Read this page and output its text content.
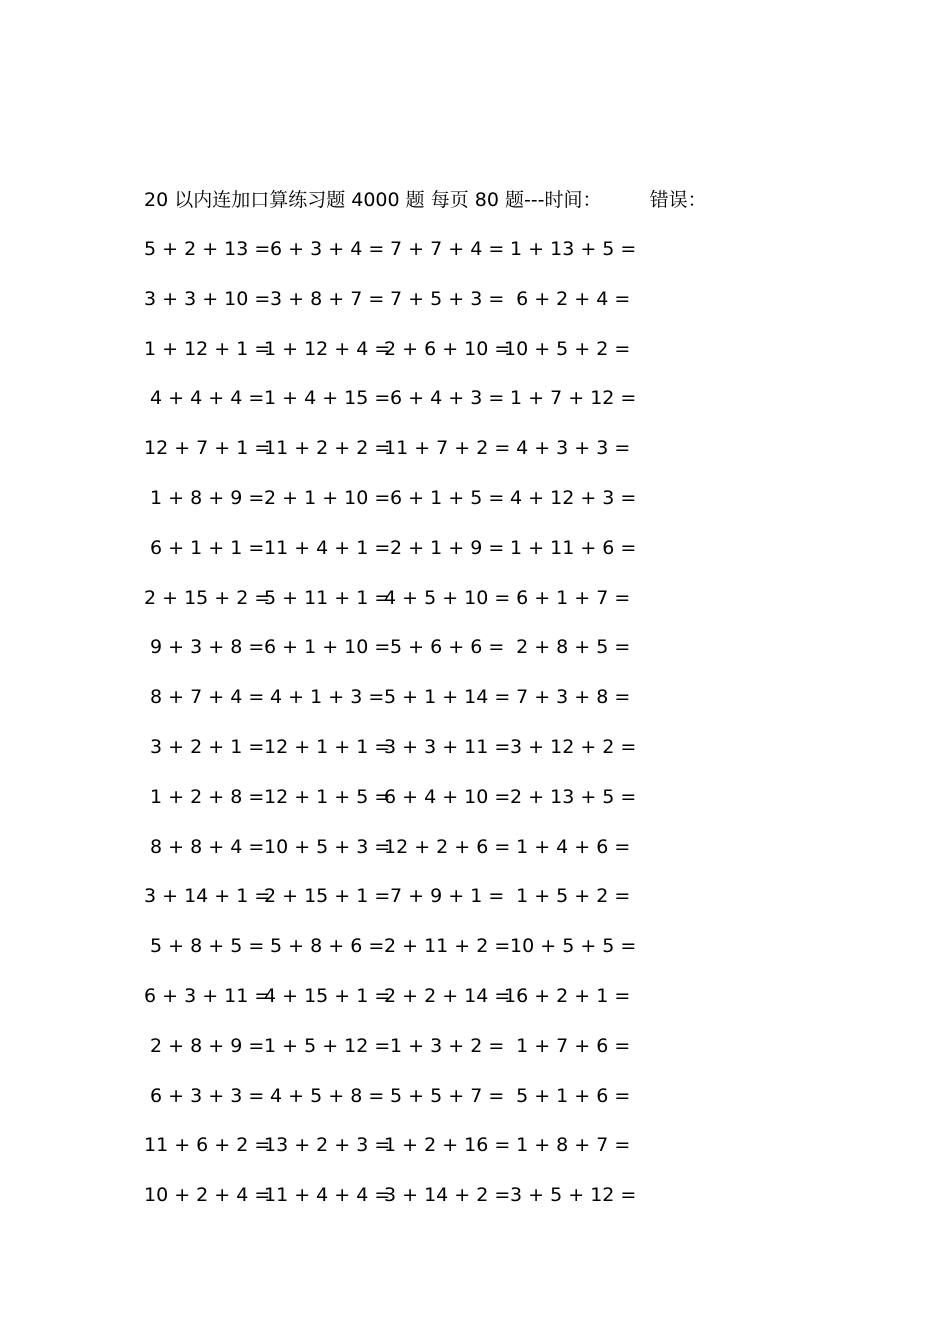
20 以内连加口算练习题 4000 题 每页 80 题---时间：	错误：
5 + 2 + 13 =
6 + 3 + 4 = 7 + 7 + 4 = 1 + 13 + 5 =
3 + 3 + 10 =
3 + 8 + 7 = 7 + 5 + 3 = 6 + 2 + 4 =
1 + 12 + 1 =
1 + 12 + 4 =
2 + 6 + 10 =
10 + 5 + 2 =
4 + 4 + 4 = 1 + 4 + 15 =
6 + 4 + 3 = 1 + 7 + 12 =
12 + 7 + 1 =
11 + 2 + 2 =
11 + 7 + 2 =
4 + 3 + 3 =
1 + 8 + 9 = 2 + 1 + 10 =
6 + 1 + 5 = 4 + 12 + 3 =
6 + 1 + 1 = 11 + 4 + 1 =
2 + 1 + 9 = 1 + 11 + 6 =
2 + 15 + 2 =
5 + 11 + 1 =
4 + 5 + 10 =
6 + 1 + 7 =
9 + 3 + 8 = 6 + 1 + 10 =
5 + 6 + 6 = 2 + 8 + 5 =
8 + 7 + 4 = 4 + 1 + 3 = 5 + 1 + 14 =
7 + 3 + 8 =
3 + 2 + 1 = 12 + 1 + 1 =
3 + 3 + 11 =
3 + 12 + 2 =
1 + 2 + 8 = 12 + 1 + 5 =
6 + 4 + 10 =
2 + 13 + 5 =
8 + 8 + 4 = 10 + 5 + 3 =
12 + 2 + 6 =
1 + 4 + 6 =
3 + 14 + 1 =
2 + 15 + 1 =
7 + 9 + 1 = 1 + 5 + 2 =
5 + 8 + 5 = 5 + 8 + 6 = 2 + 11 + 2 =
10 + 5 + 5 =
6 + 3 + 11 =
4 + 15 + 1 =
2 + 2 + 14 =
16 + 2 + 1 =
2 + 8 + 9 = 1 + 5 + 12 =
1 + 3 + 2 = 1 + 7 + 6 =
6 + 3 + 3 = 4 + 5 + 8 = 5 + 5 + 7 = 5 + 1 + 6 =
11 + 6 + 2 =
13 + 2 + 3 =
1 + 2 + 16 =
1 + 8 + 7 =
10 + 2 + 4 =
11 + 4 + 4 =
3 + 14 + 2 =
3 + 5 + 12 =
